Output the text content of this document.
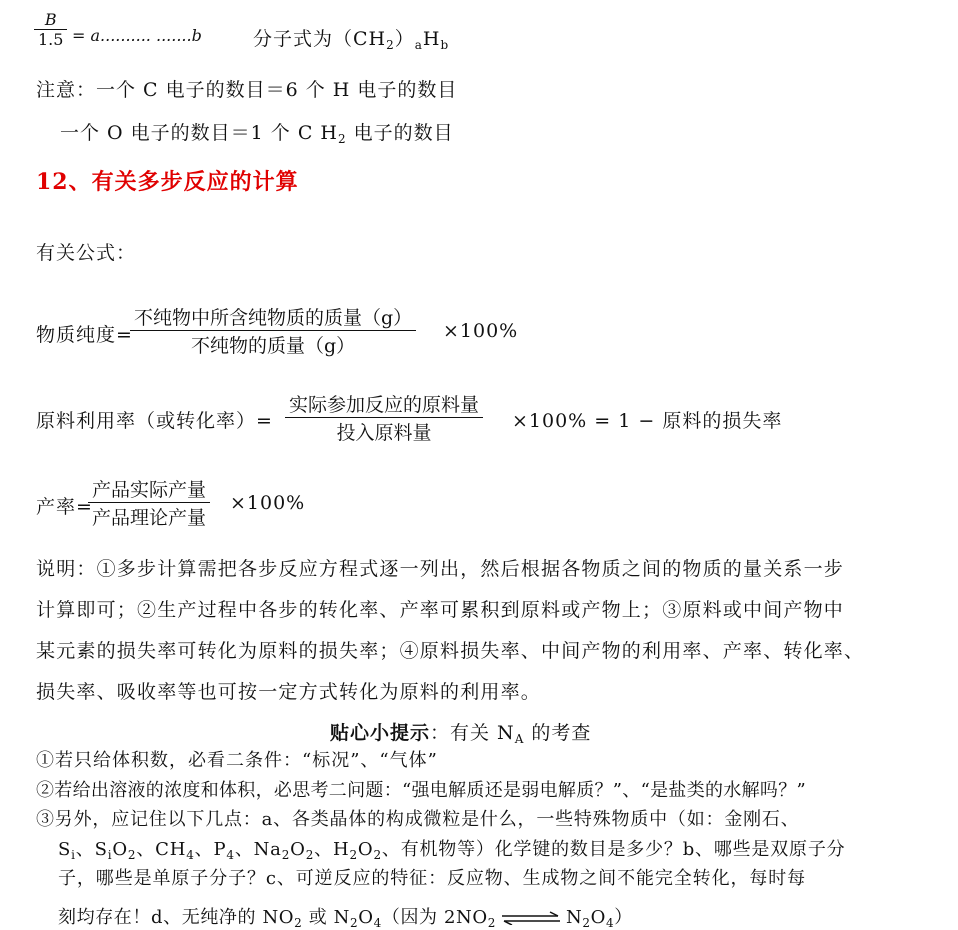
B
1.5 = a.......... .......b	分子式为$(CH_2)_aH_b$
注意：一个 C 电子的数目＝6 个 H 电子的数目
一个 O 电子的数目＝1 个 C $H_2$ 电子的数目
12、有关多步反应的计算
有关公式：
物质纯度=
不纯物中所含纯物质的质量（g）
不纯物的质量（g）
×100%
原料利用率（或转化率）=
实际参加反应的原料量
投入原料量
×100% = 1 − 原料的损失率
产率=
产品实际产量
产品理论产量
×100%
说明：①多步计算需把各步反应方程式逐一列出，然后根据各物质之间的物质的量关系一步
计算即可；②生产过程中各步的转化率、产率可累积到原料或产物上；③原料或中间产物中
某元素的损失率可转化为原料的损失率；④原料损失率、中间产物的利用率、产率、转化率、
损失率、吸收率等也可按一定方式转化为原料的利用率。
贴心小提示：有关 $N_A$ 的考查
①若只给体积数，必看二条件：“标况”、“气体”
②若给出溶液的浓度和体积，必思考二问题：“强电解质还是弱电解质？”、“是盐类的水解吗？”
③另外，应记住以下几点：a、各类晶体的构成微粒是什么，一些特殊物质中（如：金刚石、
$S_i$、$S_iO_2$、$CH_4$、$P_4$、$Na_2O_2$、$H_2O_2$、有机物等）化学键的数目是多少？b、哪些是双原子分
子，哪些是单原子分子？c、可逆反应的特征：反应物、生成物之间不能完全转化，每时每
刻均存在！d、无纯净的 $NO_2$ 或 $N_2O_4$（因为 $2NO_2$ ⇌ $N_2O_4$）
